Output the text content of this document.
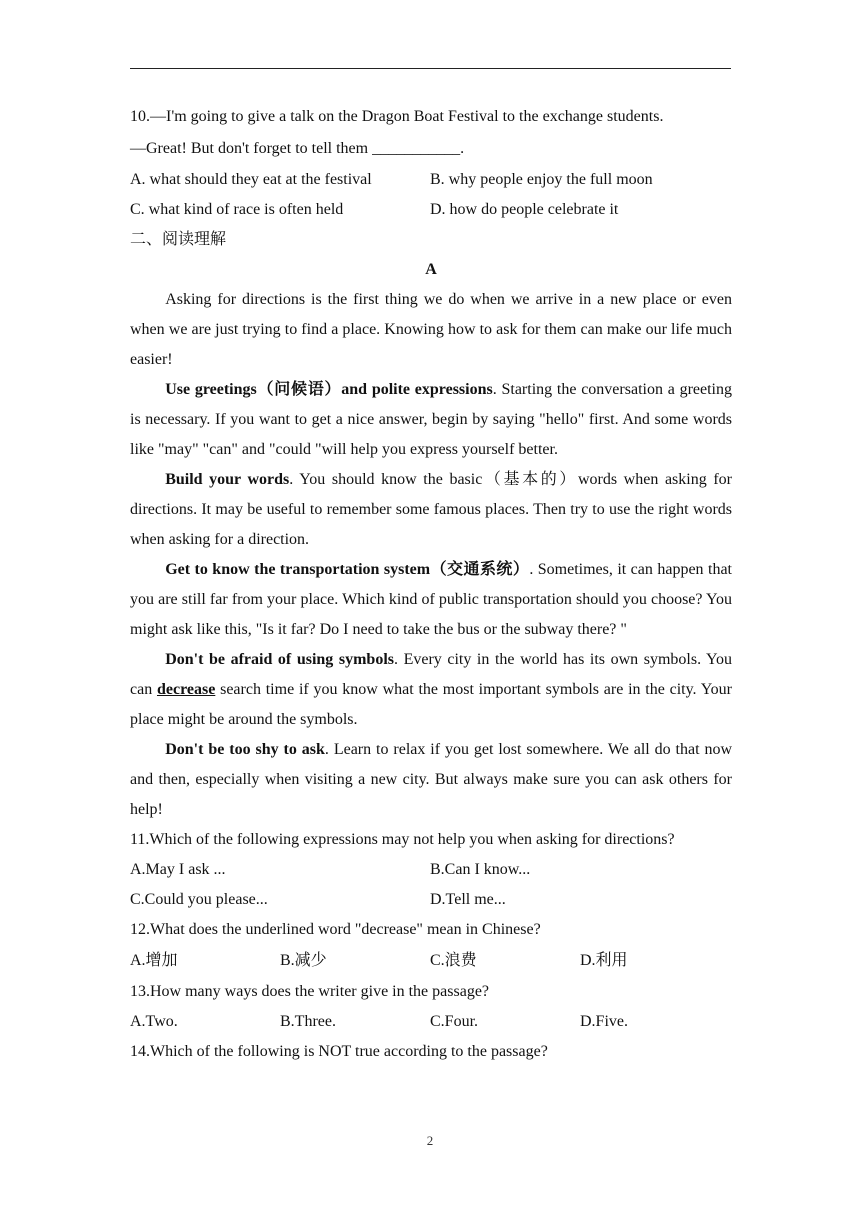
10.—I'm going to give a talk on the Dragon Boat Festival to the exchange students.
—Great! But don't forget to tell them ___________.
A. what should they eat at the festival	B. why people enjoy the full moon
C. what kind of race is often held	D. how do people celebrate it
二、阅读理解
A

Asking for directions is the first thing we do when we arrive in a new place or even when we are just trying to find a place. Knowing how to ask for them can make our life much easier!

Use greetings（问候语）and polite expressions. Starting the conversation a greeting is necessary. If you want to get a nice answer, begin by saying "hello" first. And some words like "may" "can" and "could "will help you express yourself better.

Build your words. You should know the basic（基本的）words when asking for directions. It may be useful to remember some famous places. Then try to use the right words when asking for a direction.

Get to know the transportation system（交通系统）. Sometimes, it can happen that you are still far from your place. Which kind of public transportation should you choose? You might ask like this, "Is it far? Do I need to take the bus or the subway there? "

Don't be afraid of using symbols. Every city in the world has its own symbols. You can decrease search time if you know what the most important symbols are in the city. Your place might be around the symbols.

Don't be too shy to ask. Learn to relax if you get lost somewhere. We all do that now and then, especially when visiting a new city. But always make sure you can ask others for help!

11.Which of the following expressions may not help you when asking for directions?
A.May I ask ...	B.Can I know...
C.Could you please...	D.Tell me...
12.What does the underlined word "decrease" mean in Chinese?
A.增加	B.减少	C.浪费	D.利用
13.How many ways does the writer give in the passage?
A.Two.	B.Three.	C.Four.	D.Five.
14.Which of the following is NOT true according to the passage?
2
